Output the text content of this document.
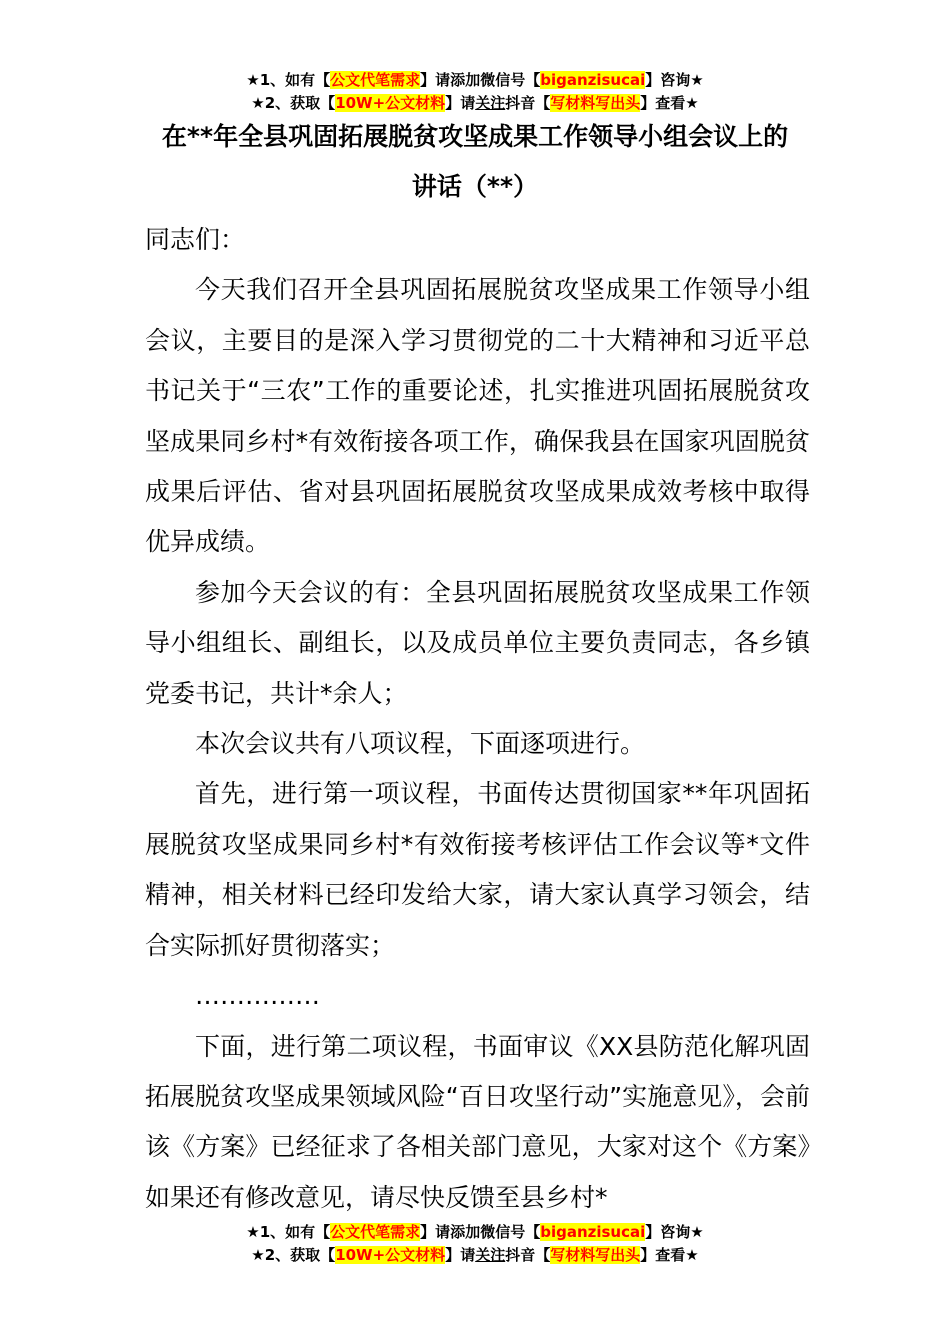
★1、如有【公文代笔需求】请添加微信号【biganzisucai】咨询★
★2、获取【10W+公文材料】请关注抖音【写材料写出头】查看★
在**年全县巩固拓展脱贫攻坚成果工作领导小组会议上的
讲话（**）

同志们：

今天我们召开全县巩固拓展脱贫攻坚成果工作领导小组会议，主要目的是深入学习贯彻党的二十大精神和习近平总书记关于“三农”工作的重要论述，扎实推进巩固拓展脱贫攻坚成果同乡村*有效衔接各项工作，确保我县在国家巩固脱贫成果后评估、省对县巩固拓展脱贫攻坚成果成效考核中取得优异成绩。

参加今天会议的有：全县巩固拓展脱贫攻坚成果工作领导小组组长、副组长，以及成员单位主要负责同志，各乡镇党委书记，共计*余人；

本次会议共有八项议程，下面逐项进行。

首先，进行第一项议程，书面传达贯彻国家**年巩固拓展脱贫攻坚成果同乡村*有效衔接考核评估工作会议等*文件精神，相关材料已经印发给大家，请大家认真学习领会，结合实际抓好贯彻落实；

……………

下面，进行第二项议程，书面审议《XX县防范化解巩固拓展脱贫攻坚成果领域风险“百日攻坚行动”实施意见》，会前该《方案》已经征求了各相关部门意见，大家对这个《方案》如果还有修改意见，请尽快反馈至县乡村*

★1、如有【公文代笔需求】请添加微信号【biganzisucai】咨询★
★2、获取【10W+公文材料】请关注抖音【写材料写出头】查看★
